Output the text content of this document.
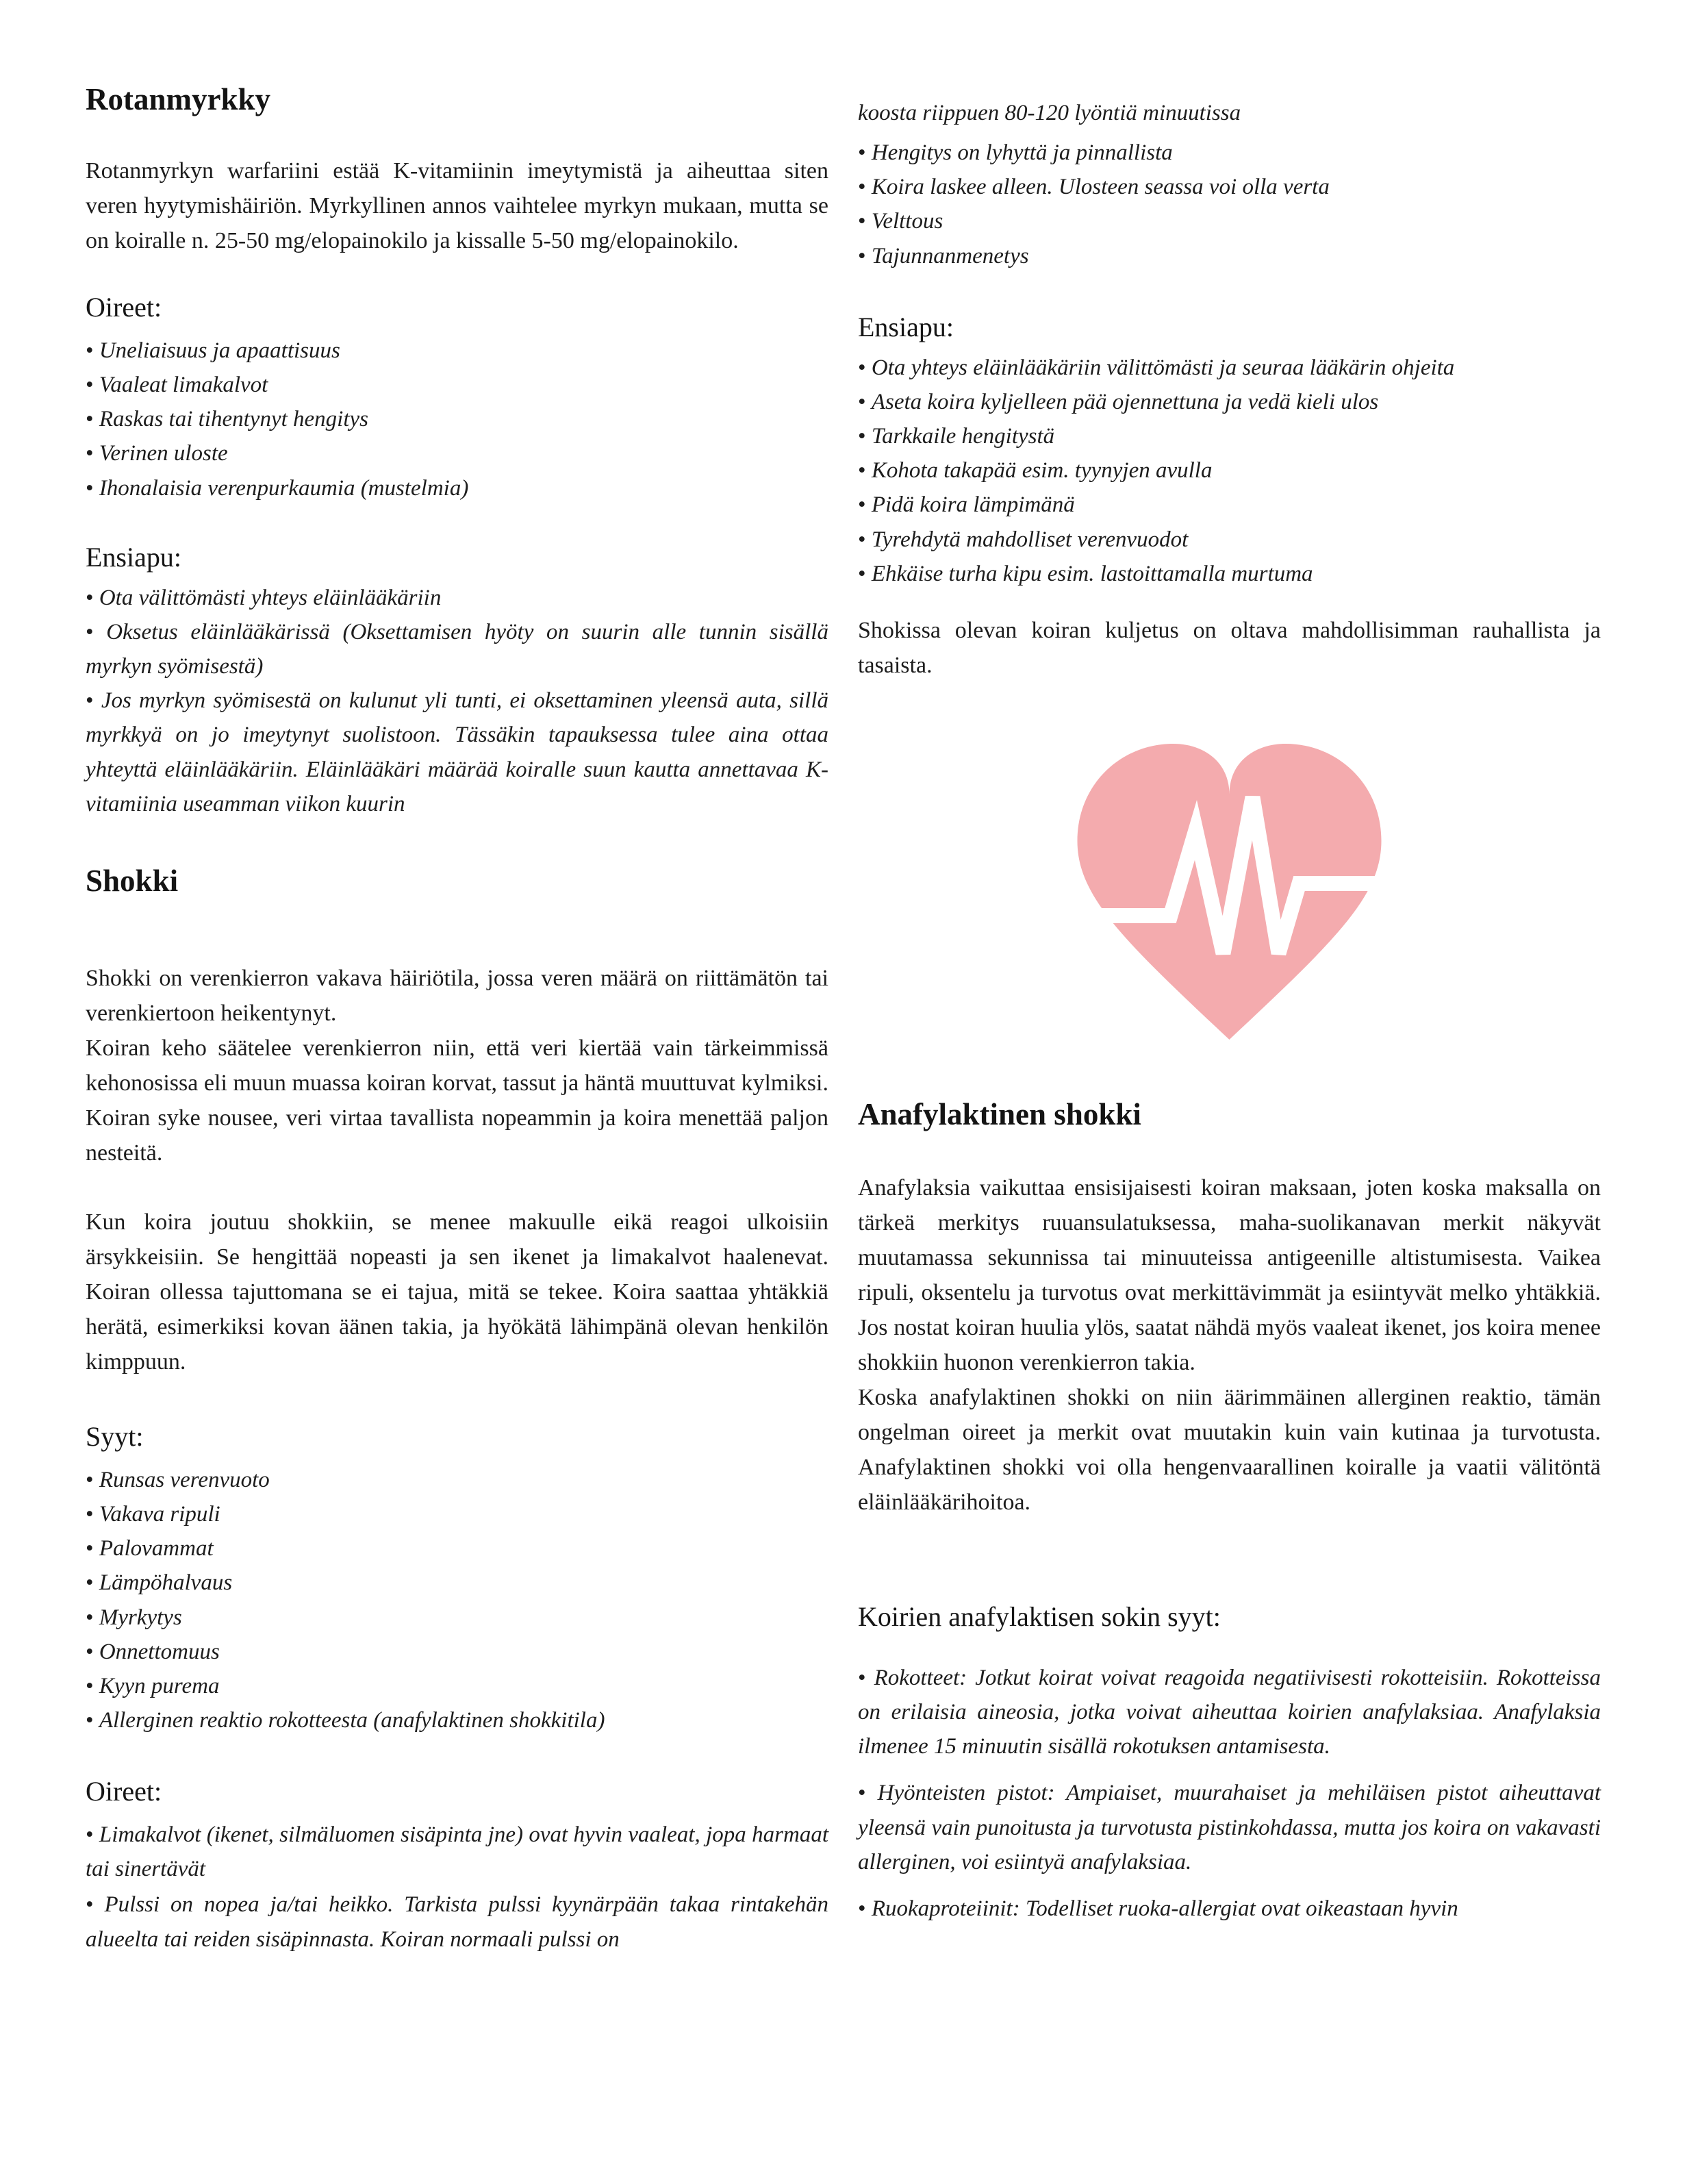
Rotanmyrkky

Rotanmyrkyn warfariini estää K-vitamiinin imeytymistä ja aiheuttaa siten veren hyytymishäiriön. Myrkyllinen annos vaihtelee myrkyn mukaan, mutta se on koiralle n. 25-50 mg/elopainokilo ja kissalle 5-50 mg/elopainokilo.

Oireet:
• Uneliaisuus ja apaattisuus
• Vaaleat limakalvot
• Raskas tai tihentynyt hengitys
• Verinen uloste
• Ihonalaisia verenpurkaumia (mustelmia)
Ensiapu:
• Ota välittömästi yhteys eläinlääkäriin
• Oksetus eläinlääkärissä (Oksettamisen hyöty on suurin alle tunnin sisällä myrkyn syömisestä)
• Jos myrkyn syömisestä on kulunut yli tunti, ei oksettaminen yleensä auta, sillä myrkkyä on jo imeytynyt suolistoon. Tässäkin tapauksessa tulee aina ottaa yhteyttä eläinlääkäriin. Eläinlääkäri määrää koiralle suun kautta annettavaa K-vitamiinia useamman viikon kuurin
Shokki

Shokki on verenkierron vakava häiriötila, jossa veren määrä on riittämätön tai verenkiertoon heikentynyt.

Koiran keho säätelee verenkierron niin, että veri kiertää vain tärkeimmissä kehonosissa eli muun muassa koiran korvat, tassut ja häntä muuttuvat kylmiksi. Koiran syke nousee, veri virtaa tavallista nopeammin ja koira menettää paljon nesteitä.

Kun koira joutuu shokkiin, se menee makuulle eikä reagoi ulkoisiin ärsykkeisiin. Se hengittää nopeasti ja sen ikenet ja limakalvot haalenevat. Koiran ollessa tajuttomana se ei tajua, mitä se tekee. Koira saattaa yhtäkkiä herätä, esimerkiksi kovan äänen takia, ja hyökätä lähimpänä olevan henkilön kimppuun.

Syyt:
• Runsas verenvuoto
• Vakava ripuli
• Palovammat
• Lämpöhalvaus
• Myrkytys
• Onnettomuus
• Kyyn purema
• Allerginen reaktio rokotteesta (anafylaktinen shokkitila)
Oireet:
• Limakalvot (ikenet, silmäluomen sisäpinta jne) ovat hyvin vaaleat, jopa harmaat tai sinertävät
• Pulssi on nopea ja/tai heikko. Tarkista pulssi kyynärpään takaa rintakehän alueelta tai reiden sisäpinnasta. Koiran normaali pulssi on
koosta riippuen 80-120 lyöntiä minuutissa
• Hengitys on lyhyttä ja pinnallista
• Koira laskee alleen. Ulosteen seassa voi olla verta
• Velttous
• Tajunnanmenetys
Ensiapu:
• Ota yhteys eläinlääkäriin välittömästi ja seuraa lääkärin ohjeita
• Aseta koira kyljelleen pää ojennettuna ja vedä kieli ulos
• Tarkkaile hengitystä
• Kohota takapää esim. tyynyjen avulla
• Pidä koira lämpimänä
• Tyrehdytä mahdolliset verenvuodot
• Ehkäise turha kipu esim. lastoittamalla murtuma

Shokissa olevan koiran kuljetus on oltava mahdollisimman rauhallista ja tasaista.

Anafylaktinen shokki

Anafylaksia vaikuttaa ensisijaisesti koiran maksaan, joten koska maksalla on tärkeä merkitys ruuansulatuksessa, maha-suolikanavan merkit näkyvät muutamassa sekunnissa tai minuuteissa antigeenille altistumisesta. Vaikea ripuli, oksentelu ja turvotus ovat merkittävimmät ja esiintyvät melko yhtäkkiä. Jos nostat koiran huulia ylös, saatat nähdä myös vaaleat ikenet, jos koira menee shokkiin huonon verenkierron takia.

Koska anafylaktinen shokki on niin äärimmäinen allerginen reaktio, tämän ongelman oireet ja merkit ovat muutakin kuin vain kutinaa ja turvotusta. Anafylaktinen shokki voi olla hengenvaarallinen koiralle ja vaatii välitöntä eläinlääkärihoitoa.

Koirien anafylaktisen sokin syyt:
• Rokotteet: Jotkut koirat voivat reagoida negatiivisesti rokotteisiin. Rokotteissa on erilaisia aineosia, jotka voivat aiheuttaa koirien anafylaksiaa. Anafylaksia ilmenee 15 minuutin sisällä rokotuksen antamisesta.
• Hyönteisten pistot: Ampiaiset, muurahaiset ja mehiläisen pistot aiheuttavat yleensä vain punoitusta ja turvotusta pistinkohdassa, mutta jos koira on vakavasti allerginen, voi esiintyä anafylaksiaa.
• Ruokaproteiinit: Todelliset ruoka-allergiat ovat oikeastaan hyvin
